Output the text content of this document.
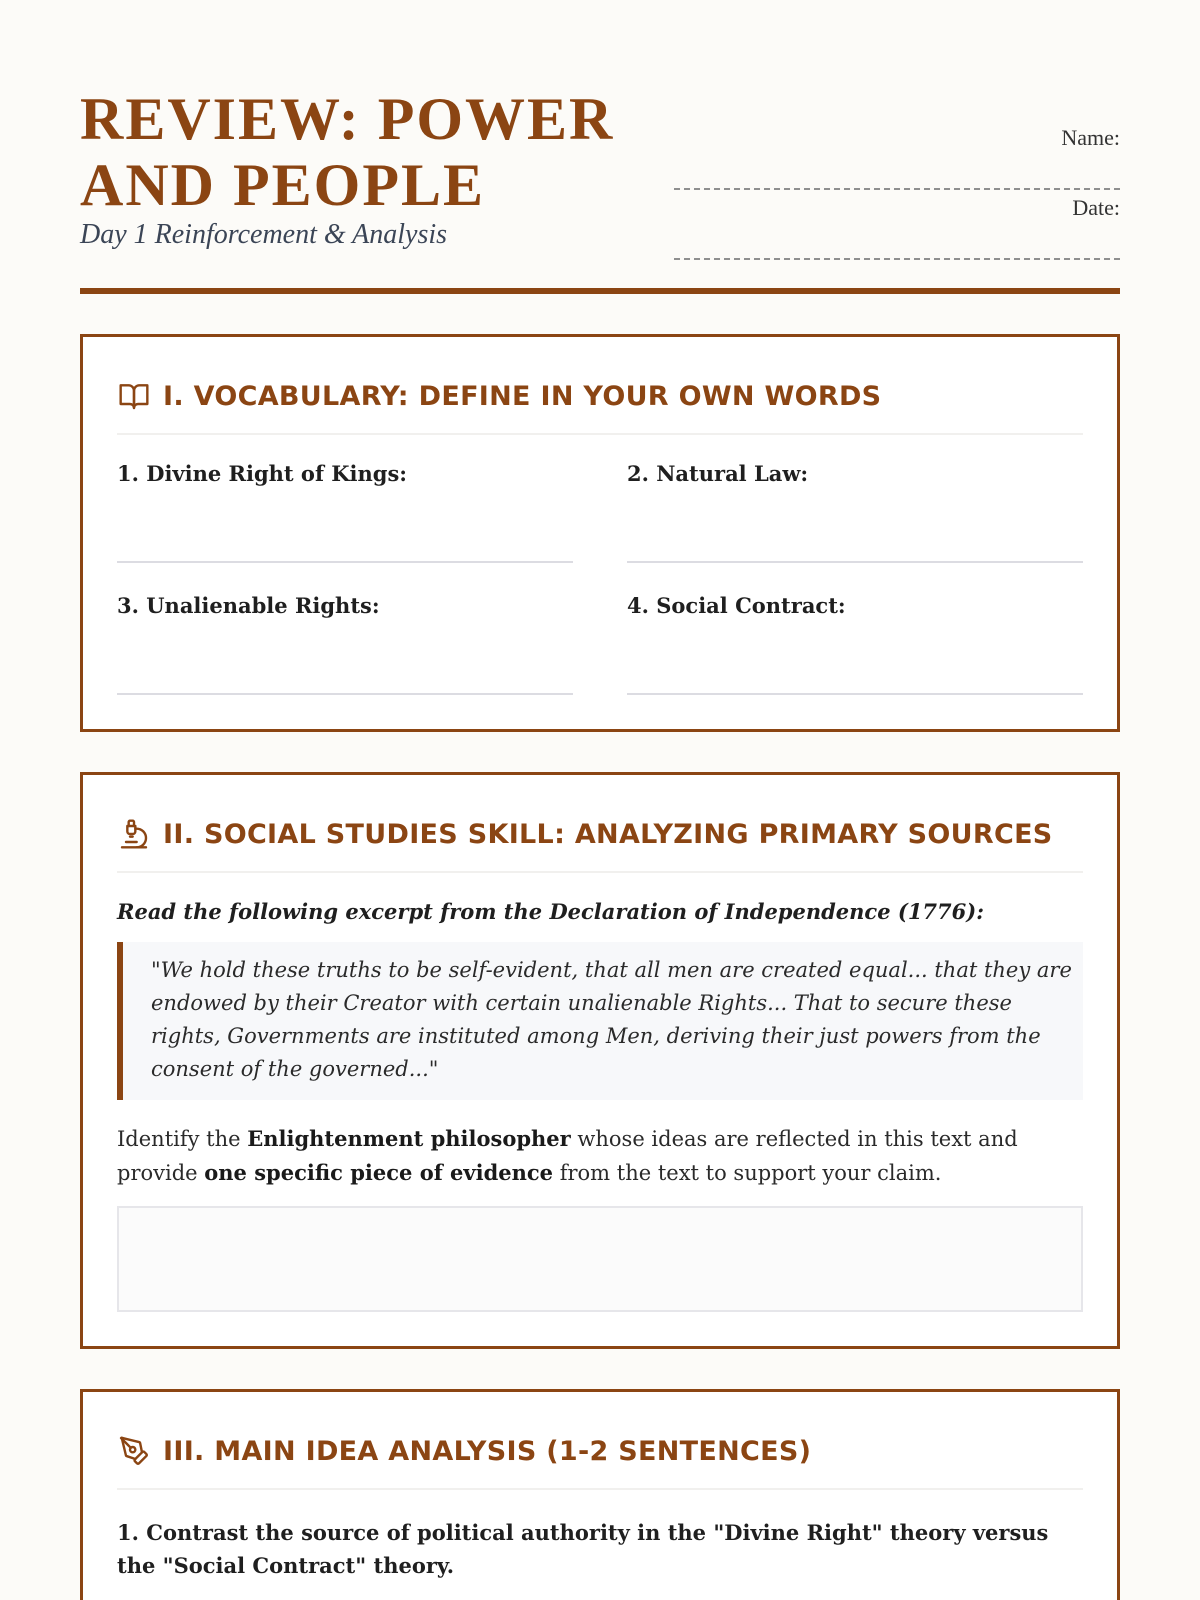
REVIEW: POWER AND PEOPLE
Day 1 Reinforcement & Analysis
Name:
Date:
I. VOCABULARY: DEFINE IN YOUR OWN WORDS
1. Divine Right of Kings:	2. Natural Law:
3. Unalienable Rights:	4. Social Contract:
II. SOCIAL STUDIES SKILL: ANALYZING PRIMARY SOURCES

Read the following excerpt from the Declaration of Independence (1776):

"We hold these truths to be self-evident, that all men are created equal... that they are endowed by their Creator with certain unalienable Rights... That to secure these rights, Governments are instituted among Men, deriving their just powers from the consent of the governed..."

Identify the Enlightenment philosopher whose ideas are reflected in this text and provide one specific piece of evidence from the text to support your claim.

III. MAIN IDEA ANALYSIS (1-2 SENTENCES)

1. Contrast the source of political authority in the "Divine Right" theory versus the "Social Contract" theory.
